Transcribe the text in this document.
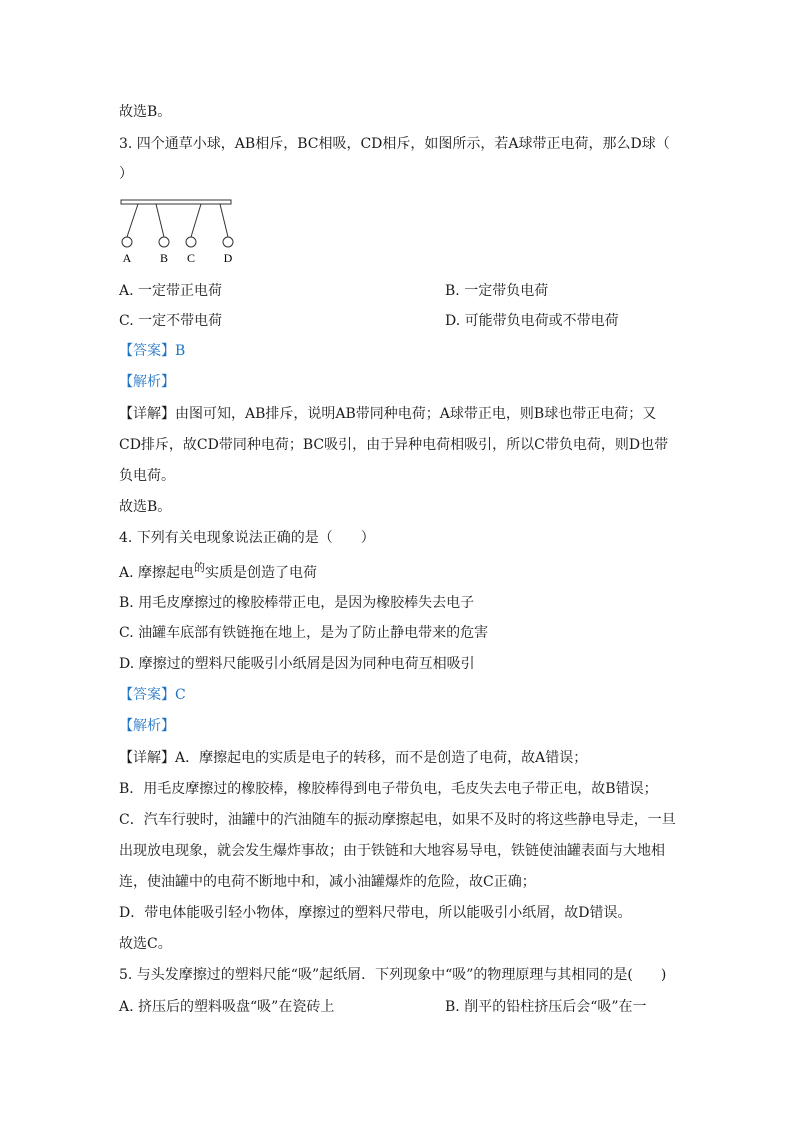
故选B。
3. 四个通草小球，AB相斥，BC相吸，CD相斥，如图所示，若A球带正电荷，那么D球（
）
A B C D
A. 一定带正电荷	B. 一定带负电荷
C. 一定不带电荷	D. 可能带负电荷或不带电荷
【答案】B
【解析】
【详解】由图可知，AB排斥，说明AB带同种电荷；A球带正电，则B球也带正电荷；又
CD排斥，故CD带同种电荷；BC吸引，由于异种电荷相吸引，所以C带负电荷，则D也带
负电荷。
故选B。
4. 下列有关电现象说法正确的是（　　）
A. 摩擦起电$^的$实质是创造了电荷
B. 用毛皮摩擦过的橡胶棒带正电，是因为橡胶棒失去电子
C. 油罐车底部有铁链拖在地上，是为了防止静电带来的危害
D. 摩擦过的塑料尺能吸引小纸屑是因为同种电荷互相吸引
【答案】C
【解析】
【详解】A．摩擦起电的实质是电子的转移，而不是创造了电荷，故A错误；
B．用毛皮摩擦过的橡胶棒，橡胶棒得到电子带负电，毛皮失去电子带正电，故B错误；
C．汽车行驶时，油罐中的汽油随车的振动摩擦起电，如果不及时的将这些静电导走，一旦
出现放电现象，就会发生爆炸事故；由于铁链和大地容易导电，铁链使油罐表面与大地相
连，使油罐中的电荷不断地中和，减小油罐爆炸的危险，故C正确；
D．带电体能吸引轻小物体，摩擦过的塑料尺带电，所以能吸引小纸屑，故D错误。
故选C。
5. 与头发摩擦过的塑料尺能“吸”起纸屑．下列现象中“吸”的物理原理与其相同的是(　　)
A. 挤压后的塑料吸盘“吸”在瓷砖上	B. 削平的铅柱挤压后会“吸”在一
